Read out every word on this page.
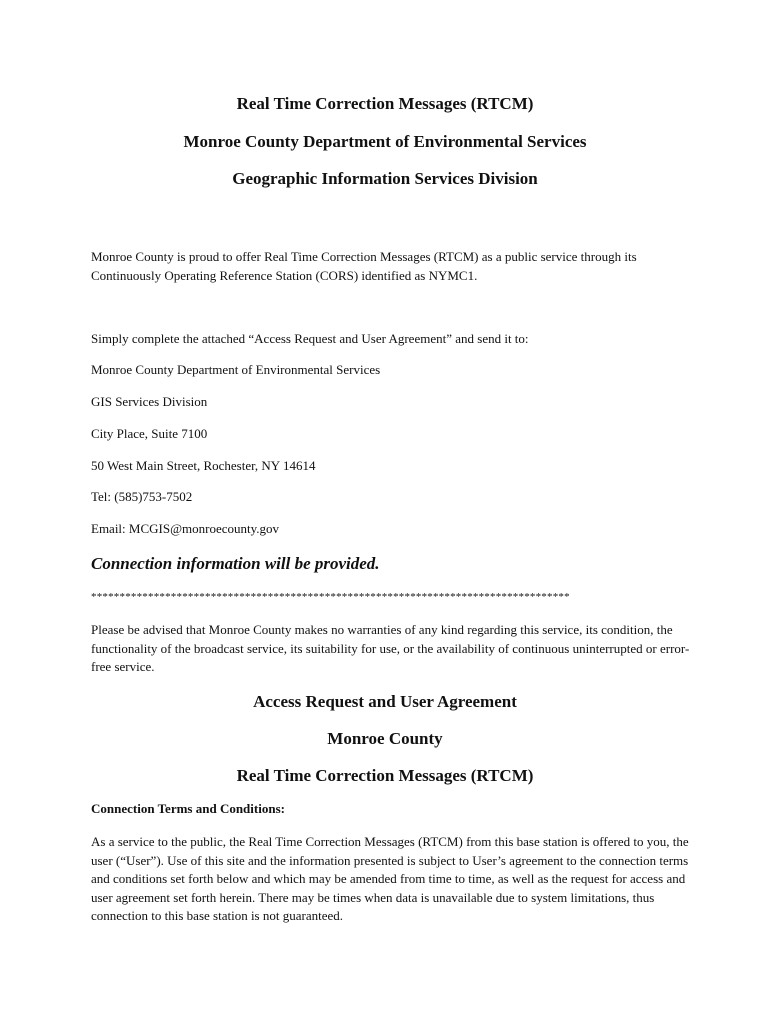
Real Time Correction Messages (RTCM)
Monroe County Department of Environmental Services
Geographic Information Services Division
Monroe County is proud to offer Real Time Correction Messages (RTCM) as a public service through its Continuously Operating Reference Station (CORS) identified as NYMC1.
Simply complete the attached “Access Request and User Agreement” and send it to:
Monroe County Department of Environmental Services
GIS Services Division
City Place, Suite 7100
50 West Main Street, Rochester, NY 14614
Tel: (585)753-7502
Email: MCGIS@monroecounty.gov
Connection information will be provided.
************************************************************************************
Please be advised that Monroe County makes no warranties of any kind regarding this service, its condition, the functionality of the broadcast service, its suitability for use, or the availability of continuous uninterrupted or error-free service.
Access Request and User Agreement
Monroe County
Real Time Correction Messages (RTCM)
Connection Terms and Conditions:
As a service to the public, the Real Time Correction Messages (RTCM) from this base station is offered to you, the user (“User”). Use of this site and the information presented is subject to User’s agreement to the connection terms and conditions set forth below and which may be amended from time to time, as well as the request for access and user agreement set forth herein. There may be times when data is unavailable due to system limitations, thus connection to this base station is not guaranteed.
